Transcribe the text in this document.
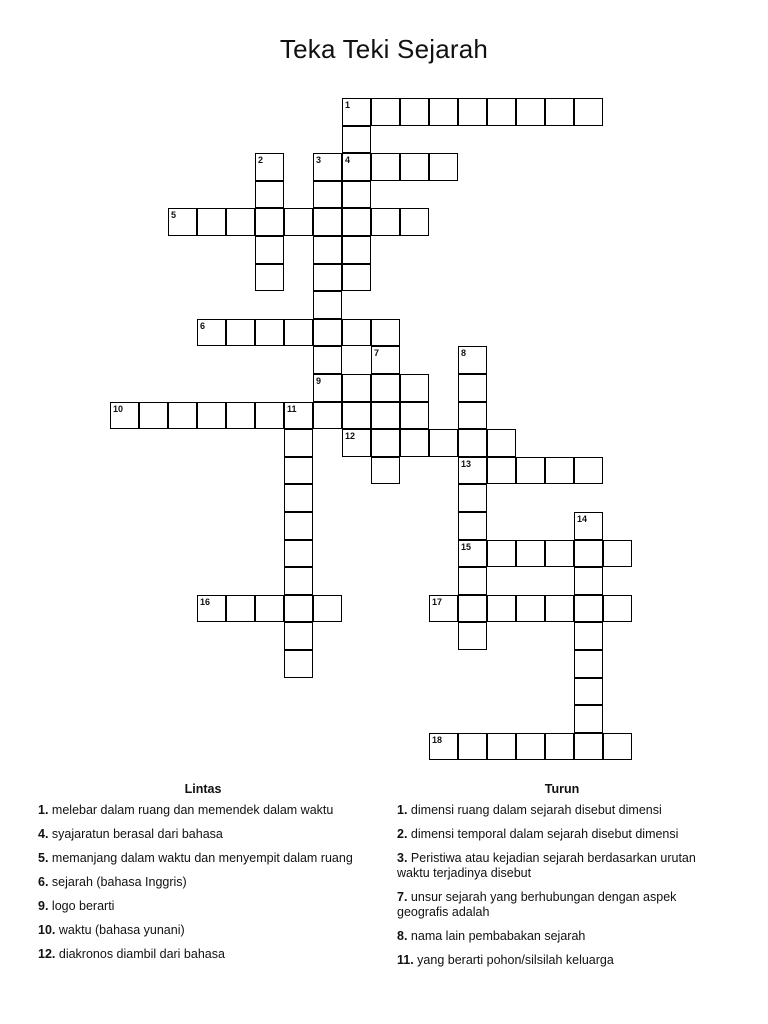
Teka Teki Sejarah
1
4
2	3
5
6
7	8
13
15
9
10	11
12
14
16	17
18
Lintas
1. melebar dalam ruang dan memendek dalam waktu
4. syajaratun berasal dari bahasa
5. memanjang dalam waktu dan menyempit dalam ruang
6. sejarah (bahasa Inggris)
9. logo berarti
10. waktu (bahasa yunani)
12. diakronos diambil dari bahasa
Turun
1. dimensi ruang dalam sejarah disebut dimensi
2. dimensi temporal dalam sejarah disebut dimensi
3. Peristiwa atau kejadian sejarah berdasarkan urutan waktu terjadinya disebut
7. unsur sejarah yang berhubungan dengan aspek geografis adalah
8. nama lain pembabakan sejarah
11. yang berarti pohon/silsilah keluarga
